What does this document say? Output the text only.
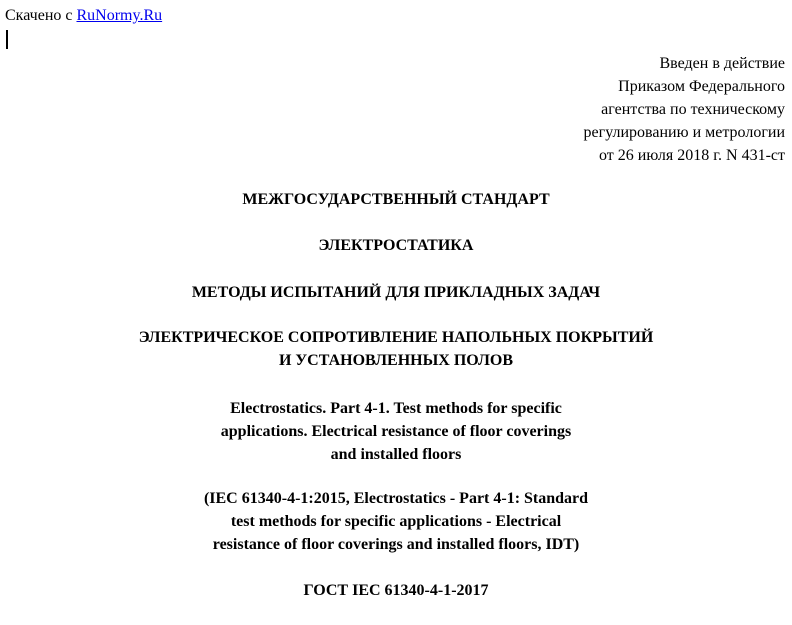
Скачено с RuNormy.Ru
Введен в действие
Приказом Федерального
агентства по техническому
регулированию и метрологии
от 26 июля 2018 г. N 431-ст
МЕЖГОСУДАРСТВЕННЫЙ СТАНДАРТ
ЭЛЕКТРОСТАТИКА
МЕТОДЫ ИСПЫТАНИЙ ДЛЯ ПРИКЛАДНЫХ ЗАДАЧ
ЭЛЕКТРИЧЕСКОЕ СОПРОТИВЛЕНИЕ НАПОЛЬНЫХ ПОКРЫТИЙ
И УСТАНОВЛЕННЫХ ПОЛОВ
Electrostatics. Part 4-1. Test methods for specific
applications. Electrical resistance of floor coverings
and installed floors
(IEC 61340-4-1:2015, Electrostatics - Part 4-1: Standard
test methods for specific applications - Electrical
resistance of floor coverings and installed floors, IDT)
ГОСТ IEC 61340-4-1-2017
